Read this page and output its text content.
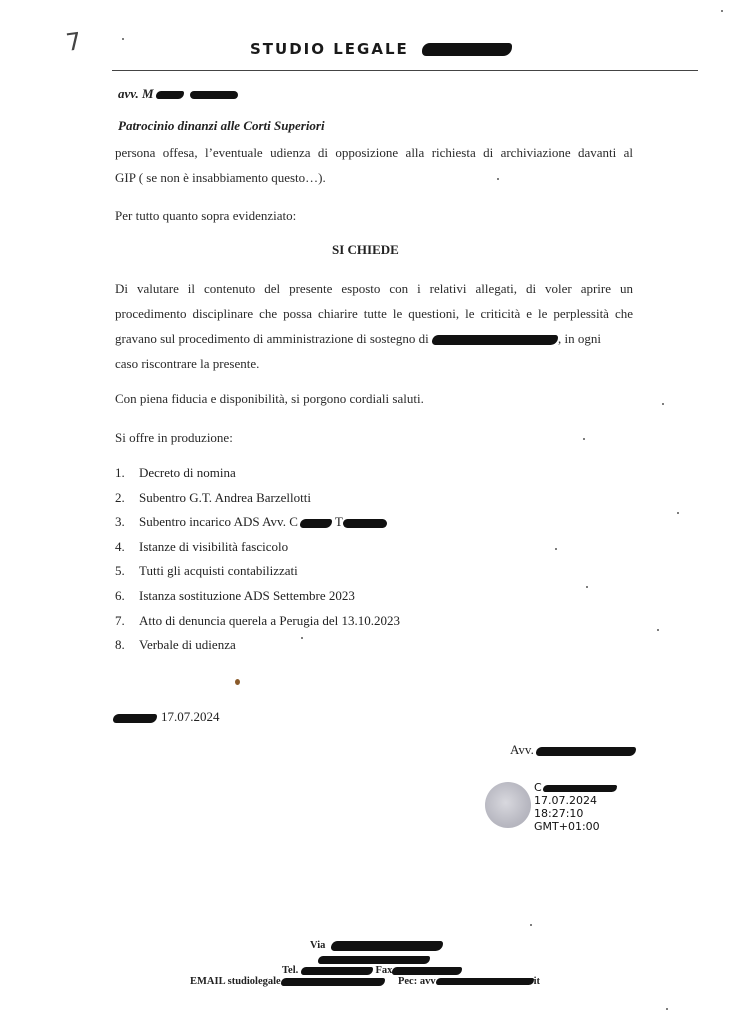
7	STUDIO LEGALE
avv. M
Patrocinio dinanzi alle Corti Superiori
persona offesa, l’eventuale udienza di opposizione alla richiesta di archiviazione davanti al
GIP ( se non è insabbiamento questo…).
Per tutto quanto sopra evidenziato:
SI CHIEDE
Di valutare il contenuto del presente esposto con i relativi allegati, di voler aprire un
procedimento disciplinare che possa chiarire tutte le questioni, le criticità e le perplessità che
gravano sul procedimento di amministrazione di sostegno di	, in ogni
caso riscontrare la presente.
Con piena fiducia e disponibilità, si porgono cordiali saluti.
Si offre in produzione:
1. Decreto di nomina
2. Subentro G.T. Andrea Barzellotti
3. Subentro incarico ADS Avv. C	T
4. Istanze di visibilità fascicolo
5. Tutti gli acquisti contabilizzati
6. Istanza sostituzione ADS Settembre 2023
7. Atto di denuncia querela a Perugia del 13.10.2023
8. Verbale di udienza
17.07.2024
Avv.
C
17.07.2024
18:27:10
GMT+01:00
Via
Tel.	Fax
EMAIL studiolegale	Pec: avv	it
